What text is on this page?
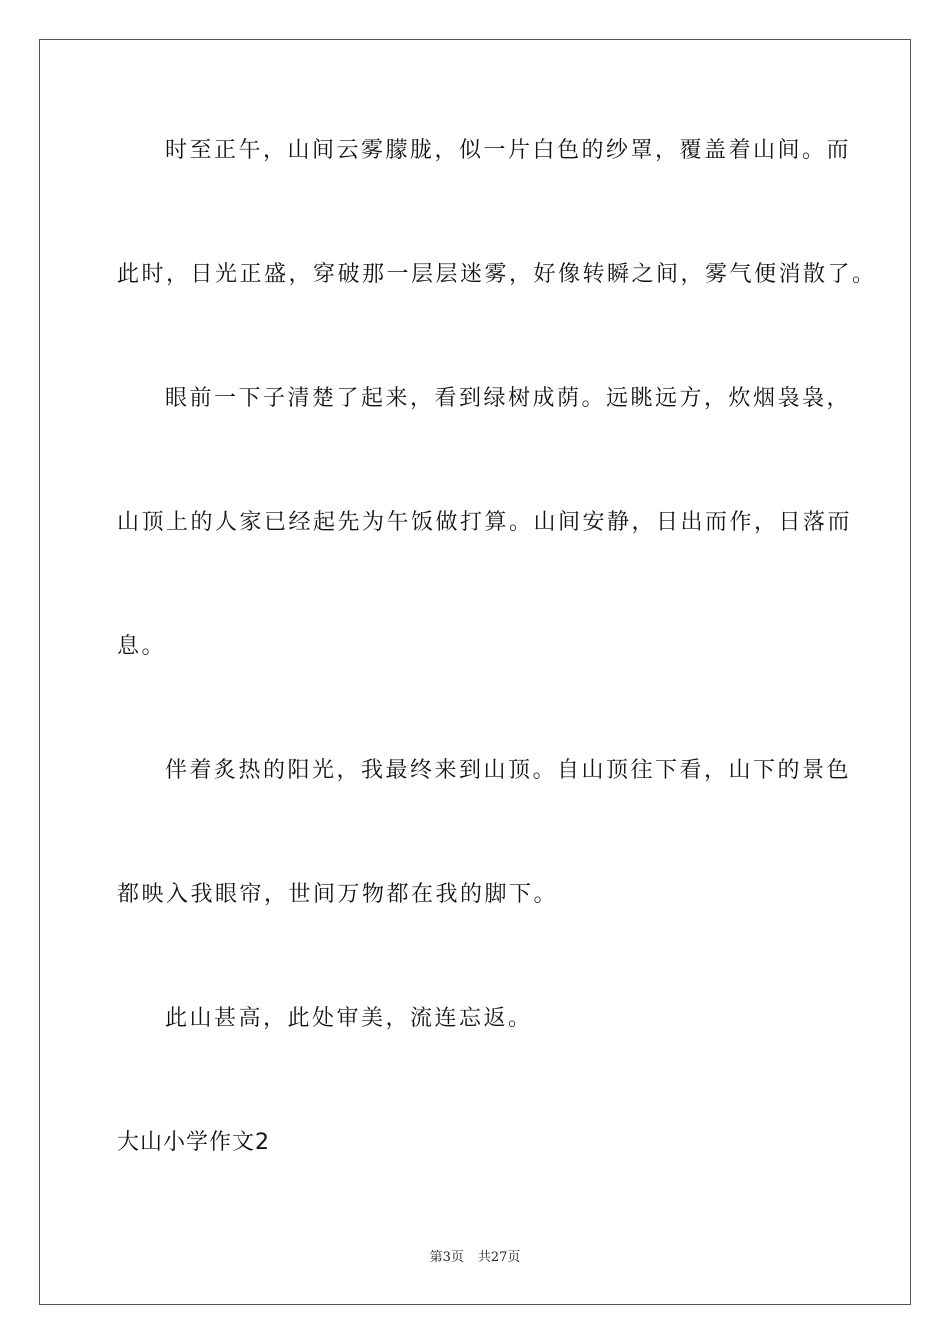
时至正午，山间云雾朦胧，似一片白色的纱罩，覆盖着山间。而
此时，日光正盛，穿破那一层层迷雾，好像转瞬之间，雾气便消散了。
眼前一下子清楚了起来，看到绿树成荫。远眺远方，炊烟袅袅，
山顶上的人家已经起先为午饭做打算。山间安静，日出而作，日落而
息。
伴着炙热的阳光，我最终来到山顶。自山顶往下看，山下的景色
都映入我眼帘，世间万物都在我的脚下。
此山甚高，此处审美，流连忘返。
大山小学作文2
第3页 共27页
